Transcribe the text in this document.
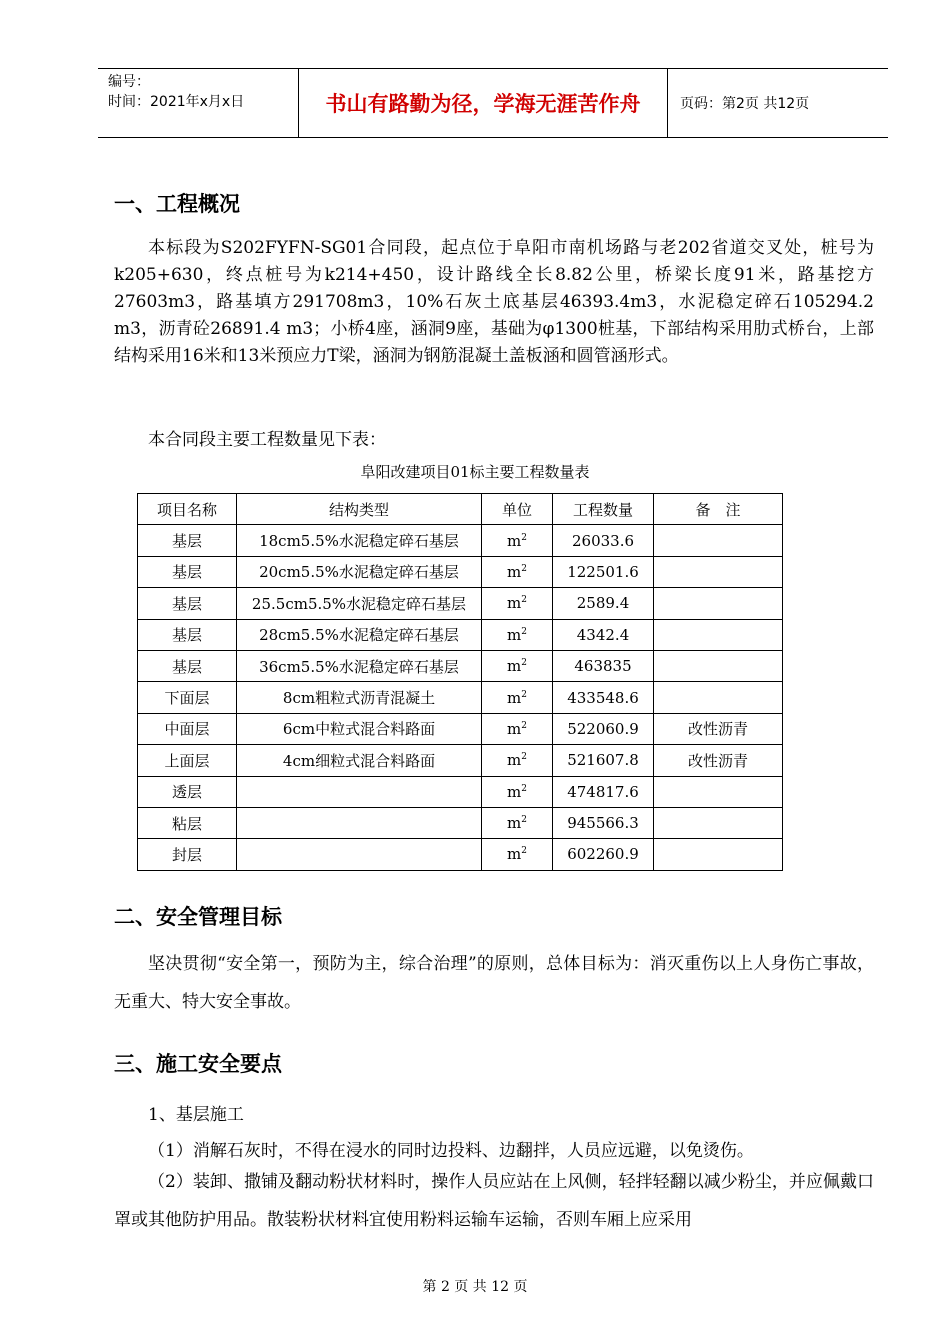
编号：
时间：2021年x月x日	书山有路勤为径，学海无涯苦作舟	页码：第2页 共12页
一、工程概况

本标段为S202FYFN-SG01合同段，起点位于阜阳市南机场路与老202省道交叉处，桩号为k205+630，终点桩号为k214+450，设计路线全长8.82公里，桥梁长度91米，路基挖方27603m3，路基填方291708m3，10%石灰土底基层46393.4m3，水泥稳定碎石105294.2 m3，沥青砼26891.4 m3；小桥4座，涵洞9座，基础为φ1300桩基，下部结构采用肋式桥台，上部结构采用16米和13米预应力T梁，涵洞为钢筋混凝土盖板涵和圆管涵形式。

本合同段主要工程数量见下表：

阜阳改建项目01标主要工程数量表
项目名称	结构类型	单位	工程数量	备　注
基层	18cm5.5%水泥稳定碎石基层	$m^2$	26033.6	
基层	20cm5.5%水泥稳定碎石基层	$m^2$	122501.6	
基层	25.5cm5.5%水泥稳定碎石基层	$m^2$	2589.4	
基层	28cm5.5%水泥稳定碎石基层	$m^2$	4342.4	
基层	36cm5.5%水泥稳定碎石基层	$m^2$	463835	
下面层	8cm粗粒式沥青混凝土	$m^2$	433548.6	
中面层	6cm中粒式混合料路面	$m^2$	522060.9	改性沥青
上面层	4cm细粒式混合料路面	$m^2$	521607.8	改性沥青
透层		$m^2$	474817.6	
粘层		$m^2$	945566.3	
封层		$m^2$	602260.9	
二、安全管理目标

坚决贯彻“安全第一，预防为主，综合治理”的原则，总体目标为：消灭重伤以上人身伤亡事故，无重大、特大安全事故。

三、施工安全要点

1、基层施工

（1）消解石灰时，不得在浸水的同时边投料、边翻拌，人员应远避，以免烫伤。

（2）装卸、撒铺及翻动粉状材料时，操作人员应站在上风侧，轻拌轻翻以减少粉尘，并应佩戴口罩或其他防护用品。散装粉状材料宜使用粉料运输车运输，否则车厢上应采用

第 2 页 共 12 页
